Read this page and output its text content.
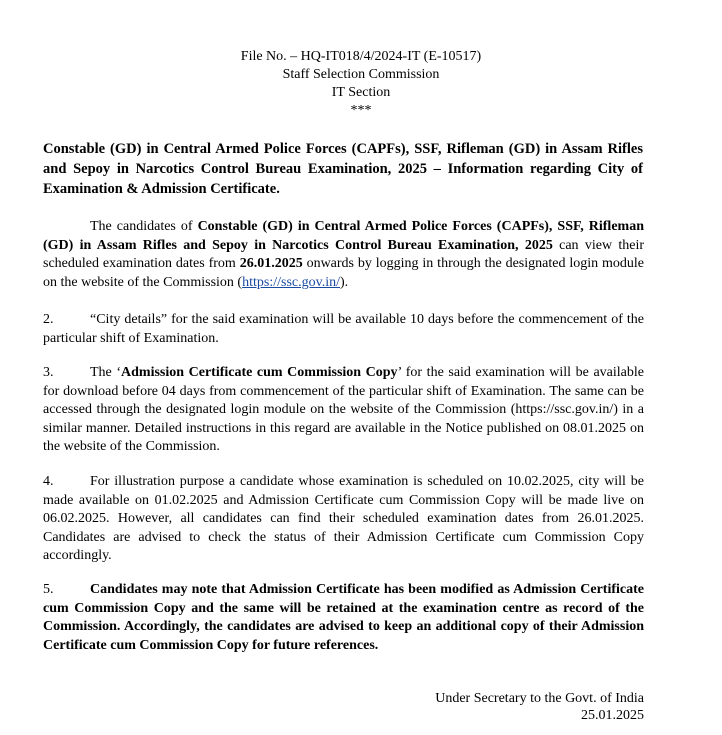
File No. – HQ-IT018/4/2024-IT (E-10517)
Staff Selection Commission
IT Section
***
Constable (GD) in Central Armed Police Forces (CAPFs), SSF, Rifleman (GD) in Assam Rifles and Sepoy in Narcotics Control Bureau Examination, 2025 – Information regarding City of Examination & Admission Certificate.
The candidates of Constable (GD) in Central Armed Police Forces (CAPFs), SSF, Rifleman (GD) in Assam Rifles and Sepoy in Narcotics Control Bureau Examination, 2025 can view their scheduled examination dates from 26.01.2025 onwards by logging in through the designated login module on the website of the Commission (https://ssc.gov.in/).
2.	“City details” for the said examination will be available 10 days before the commencement of the particular shift of Examination.
3.	The ‘Admission Certificate cum Commission Copy’ for the said examination will be available for download before 04 days from commencement of the particular shift of Examination. The same can be accessed through the designated login module on the website of the Commission (https://ssc.gov.in/) in a similar manner. Detailed instructions in this regard are available in the Notice published on 08.01.2025 on the website of the Commission.
4.	For illustration purpose a candidate whose examination is scheduled on 10.02.2025, city will be made available on 01.02.2025 and Admission Certificate cum Commission Copy will be made live on 06.02.2025. However, all candidates can find their scheduled examination dates from 26.01.2025. Candidates are advised to check the status of their Admission Certificate cum Commission Copy accordingly.
5.	Candidates may note that Admission Certificate has been modified as Admission Certificate cum Commission Copy and the same will be retained at the examination centre as record of the Commission. Accordingly, the candidates are advised to keep an additional copy of their Admission Certificate cum Commission Copy for future references.
Under Secretary to the Govt. of India
25.01.2025
